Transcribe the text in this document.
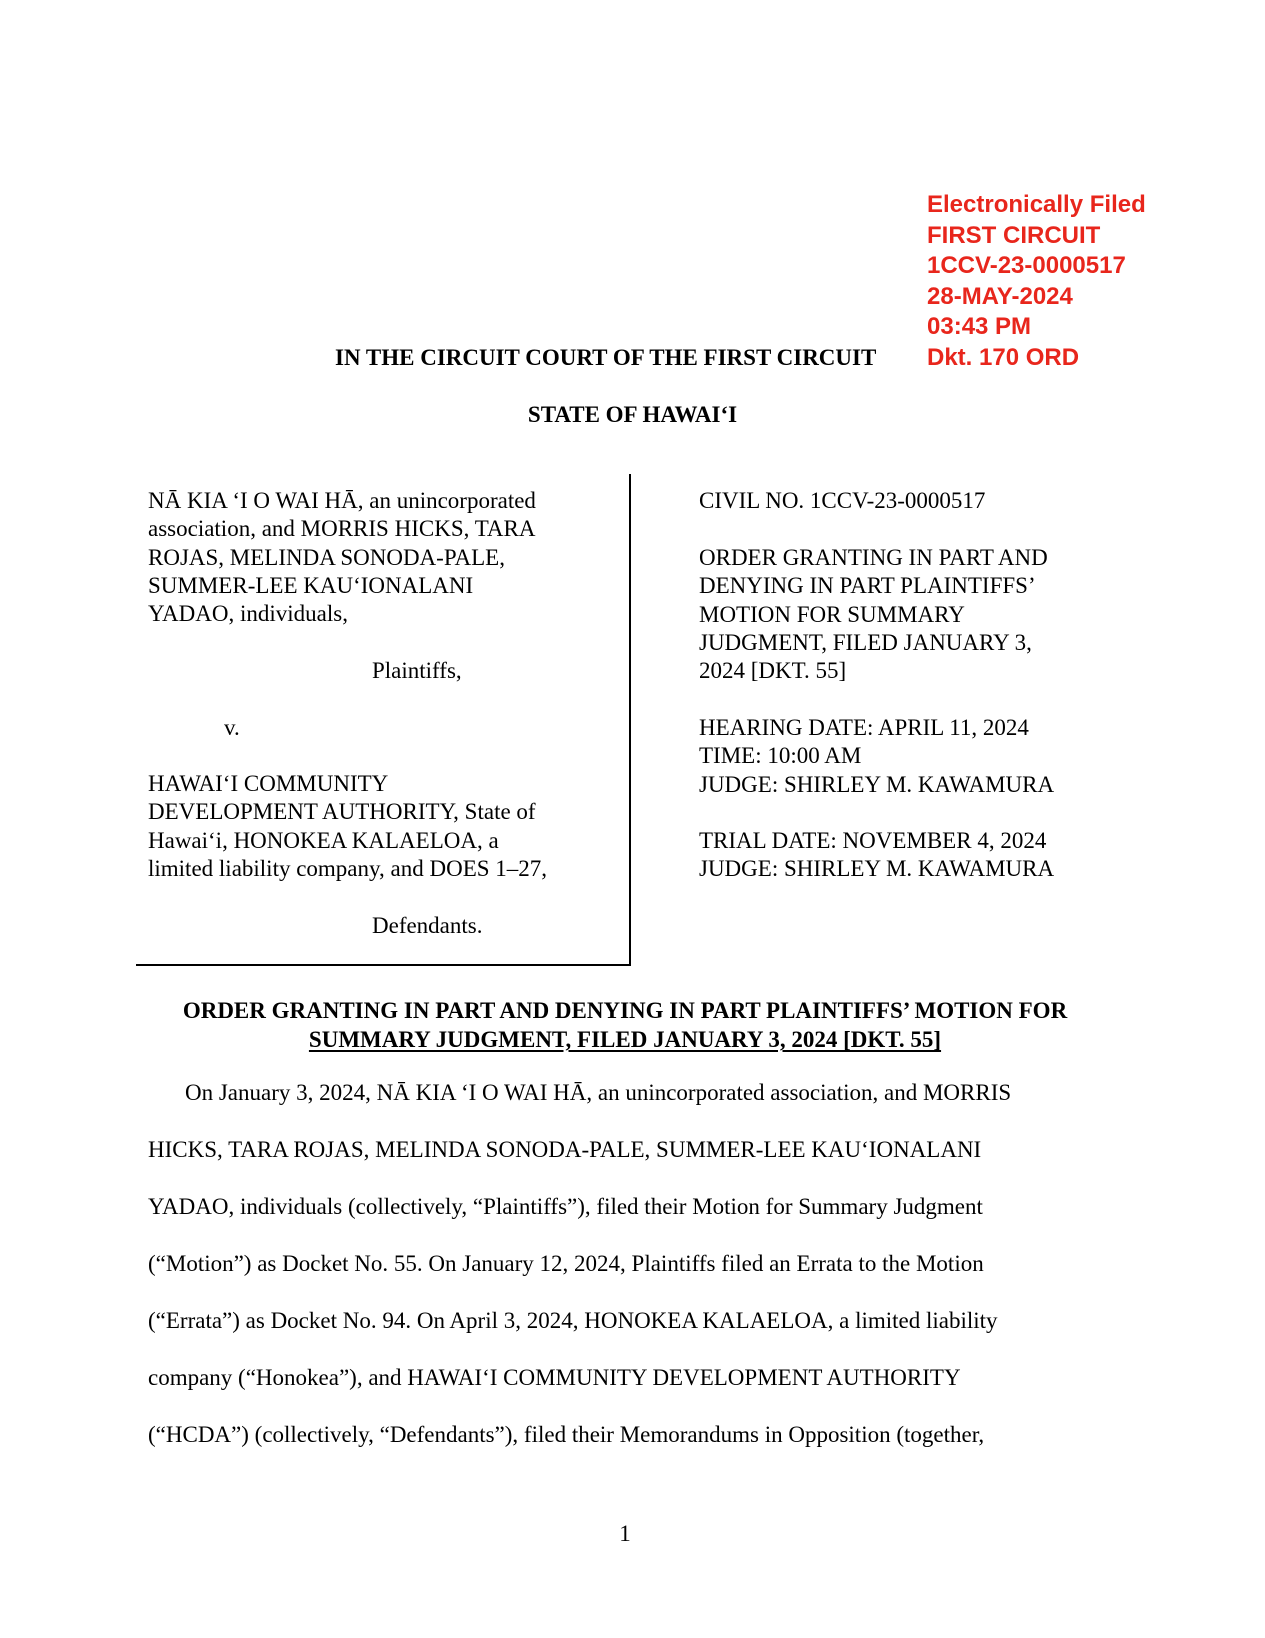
Electronically Filed
FIRST CIRCUIT
1CCV-23-0000517
28-MAY-2024
03:43 PM
Dkt. 170 ORD
IN THE CIRCUIT COURT OF THE FIRST CIRCUIT
STATE OF HAWAIʻI
NĀ KIA ʻI O WAI HĀ, an unincorporated
association, and MORRIS HICKS, TARA
ROJAS, MELINDA SONODA-PALE,
SUMMER-LEE KAUʻIONALANI
YADAO, individuals,
Plaintiffs,
v.
HAWAIʻI COMMUNITY
DEVELOPMENT AUTHORITY, State of
Hawaiʻi, HONOKEA KALAELOA, a
limited liability company, and DOES 1–27,
Defendants.
CIVIL NO. 1CCV-23-0000517
ORDER GRANTING IN PART AND
DENYING IN PART PLAINTIFFS’
MOTION FOR SUMMARY
JUDGMENT, FILED JANUARY 3,
2024 [DKT. 55]
HEARING DATE: APRIL 11, 2024
TIME: 10:00 AM
JUDGE: SHIRLEY M. KAWAMURA
TRIAL DATE: NOVEMBER 4, 2024
JUDGE: SHIRLEY M. KAWAMURA
ORDER GRANTING IN PART AND DENYING IN PART PLAINTIFFS’ MOTION FOR
SUMMARY JUDGMENT, FILED JANUARY 3, 2024 [DKT. 55]
On January 3, 2024, NĀ KIA ʻI O WAI HĀ, an unincorporated association, and MORRIS
HICKS, TARA ROJAS, MELINDA SONODA-PALE, SUMMER-LEE KAUʻIONALANI
YADAO, individuals (collectively, “Plaintiffs”), filed their Motion for Summary Judgment
(“Motion”) as Docket No. 55. On January 12, 2024, Plaintiffs filed an Errata to the Motion
(“Errata”) as Docket No. 94. On April 3, 2024, HONOKEA KALAELOA, a limited liability
company (“Honokea”), and HAWAIʻI COMMUNITY DEVELOPMENT AUTHORITY
(“HCDA”) (collectively, “Defendants”), filed their Memorandums in Opposition (together,
1
